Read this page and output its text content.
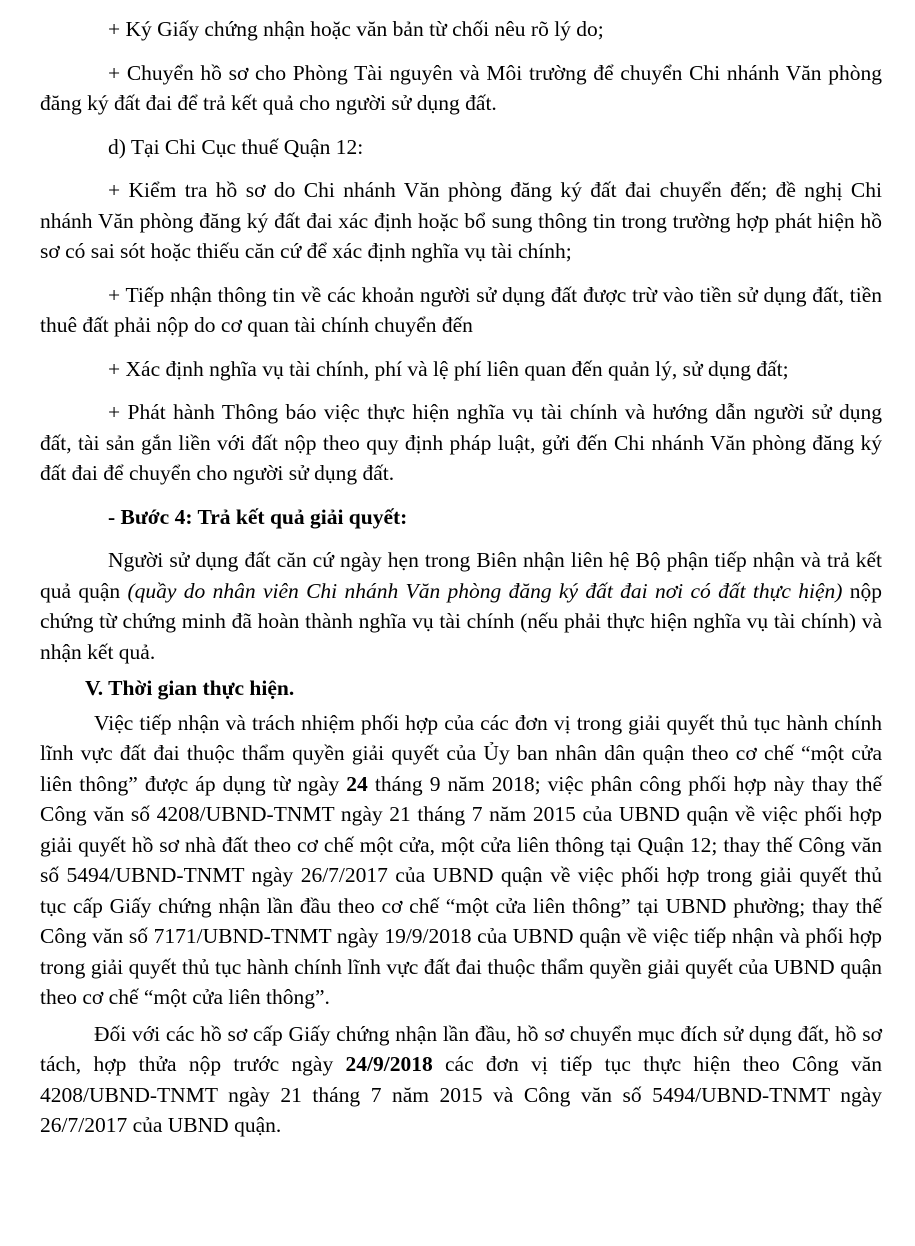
+ Ký Giấy chứng nhận hoặc văn bản từ chối nêu rõ lý do;

+ Chuyển hồ sơ cho Phòng Tài nguyên và Môi trường để chuyển Chi nhánh Văn phòng đăng ký đất đai để trả kết quả cho người sử dụng đất.

d) Tại Chi Cục thuế Quận 12:

+ Kiểm tra hồ sơ do Chi nhánh Văn phòng đăng ký đất đai chuyển đến; đề nghị Chi nhánh Văn phòng đăng ký đất đai xác định hoặc bổ sung thông tin trong trường hợp phát hiện hồ sơ có sai sót hoặc thiếu căn cứ để xác định nghĩa vụ tài chính;

+ Tiếp nhận thông tin về các khoản người sử dụng đất được trừ vào tiền sử dụng đất, tiền thuê đất phải nộp do cơ quan tài chính chuyển đến

+ Xác định nghĩa vụ tài chính, phí và lệ phí liên quan đến quản lý, sử dụng đất;

+ Phát hành Thông báo việc thực hiện nghĩa vụ tài chính và hướng dẫn người sử dụng đất, tài sản gắn liền với đất nộp theo quy định pháp luật, gửi đến Chi nhánh Văn phòng đăng ký đất đai để chuyển cho người sử dụng đất.

- Bước 4: Trả kết quả giải quyết:

Người sử dụng đất căn cứ ngày hẹn trong Biên nhận liên hệ Bộ phận tiếp nhận và trả kết quả quận (quầy do nhân viên Chi nhánh Văn phòng đăng ký đất đai nơi có đất thực hiện) nộp chứng từ chứng minh đã hoàn thành nghĩa vụ tài chính (nếu phải thực hiện nghĩa vụ tài chính) và nhận kết quả.

V. Thời gian thực hiện.

Việc tiếp nhận và trách nhiệm phối hợp của các đơn vị trong giải quyết thủ tục hành chính lĩnh vực đất đai thuộc thẩm quyền giải quyết của Ủy ban nhân dân quận theo cơ chế “một cửa liên thông” được áp dụng từ ngày 24 tháng 9 năm 2018; việc phân công phối hợp này thay thế Công văn số 4208/UBND-TNMT ngày 21 tháng 7 năm 2015 của UBND quận về việc phối hợp giải quyết hồ sơ nhà đất theo cơ chế một cửa, một cửa liên thông tại Quận 12; thay thế Công văn số 5494/UBND-TNMT ngày 26/7/2017 của UBND quận về việc phối hợp trong giải quyết thủ tục cấp Giấy chứng nhận lần đầu theo cơ chế “một cửa liên thông” tại UBND phường; thay thế Công văn số 7171/UBND-TNMT ngày 19/9/2018 của UBND quận về việc tiếp nhận và phối hợp trong giải quyết thủ tục hành chính lĩnh vực đất đai thuộc thẩm quyền giải quyết của UBND quận theo cơ chế “một cửa liên thông”.

Đối với các hồ sơ cấp Giấy chứng nhận lần đầu, hồ sơ chuyển mục đích sử dụng đất, hồ sơ tách, hợp thửa nộp trước ngày 24/9/2018 các đơn vị tiếp tục thực hiện theo Công văn 4208/UBND-TNMT ngày 21 tháng 7 năm 2015 và Công văn số 5494/UBND-TNMT ngày 26/7/2017 của UBND quận.
